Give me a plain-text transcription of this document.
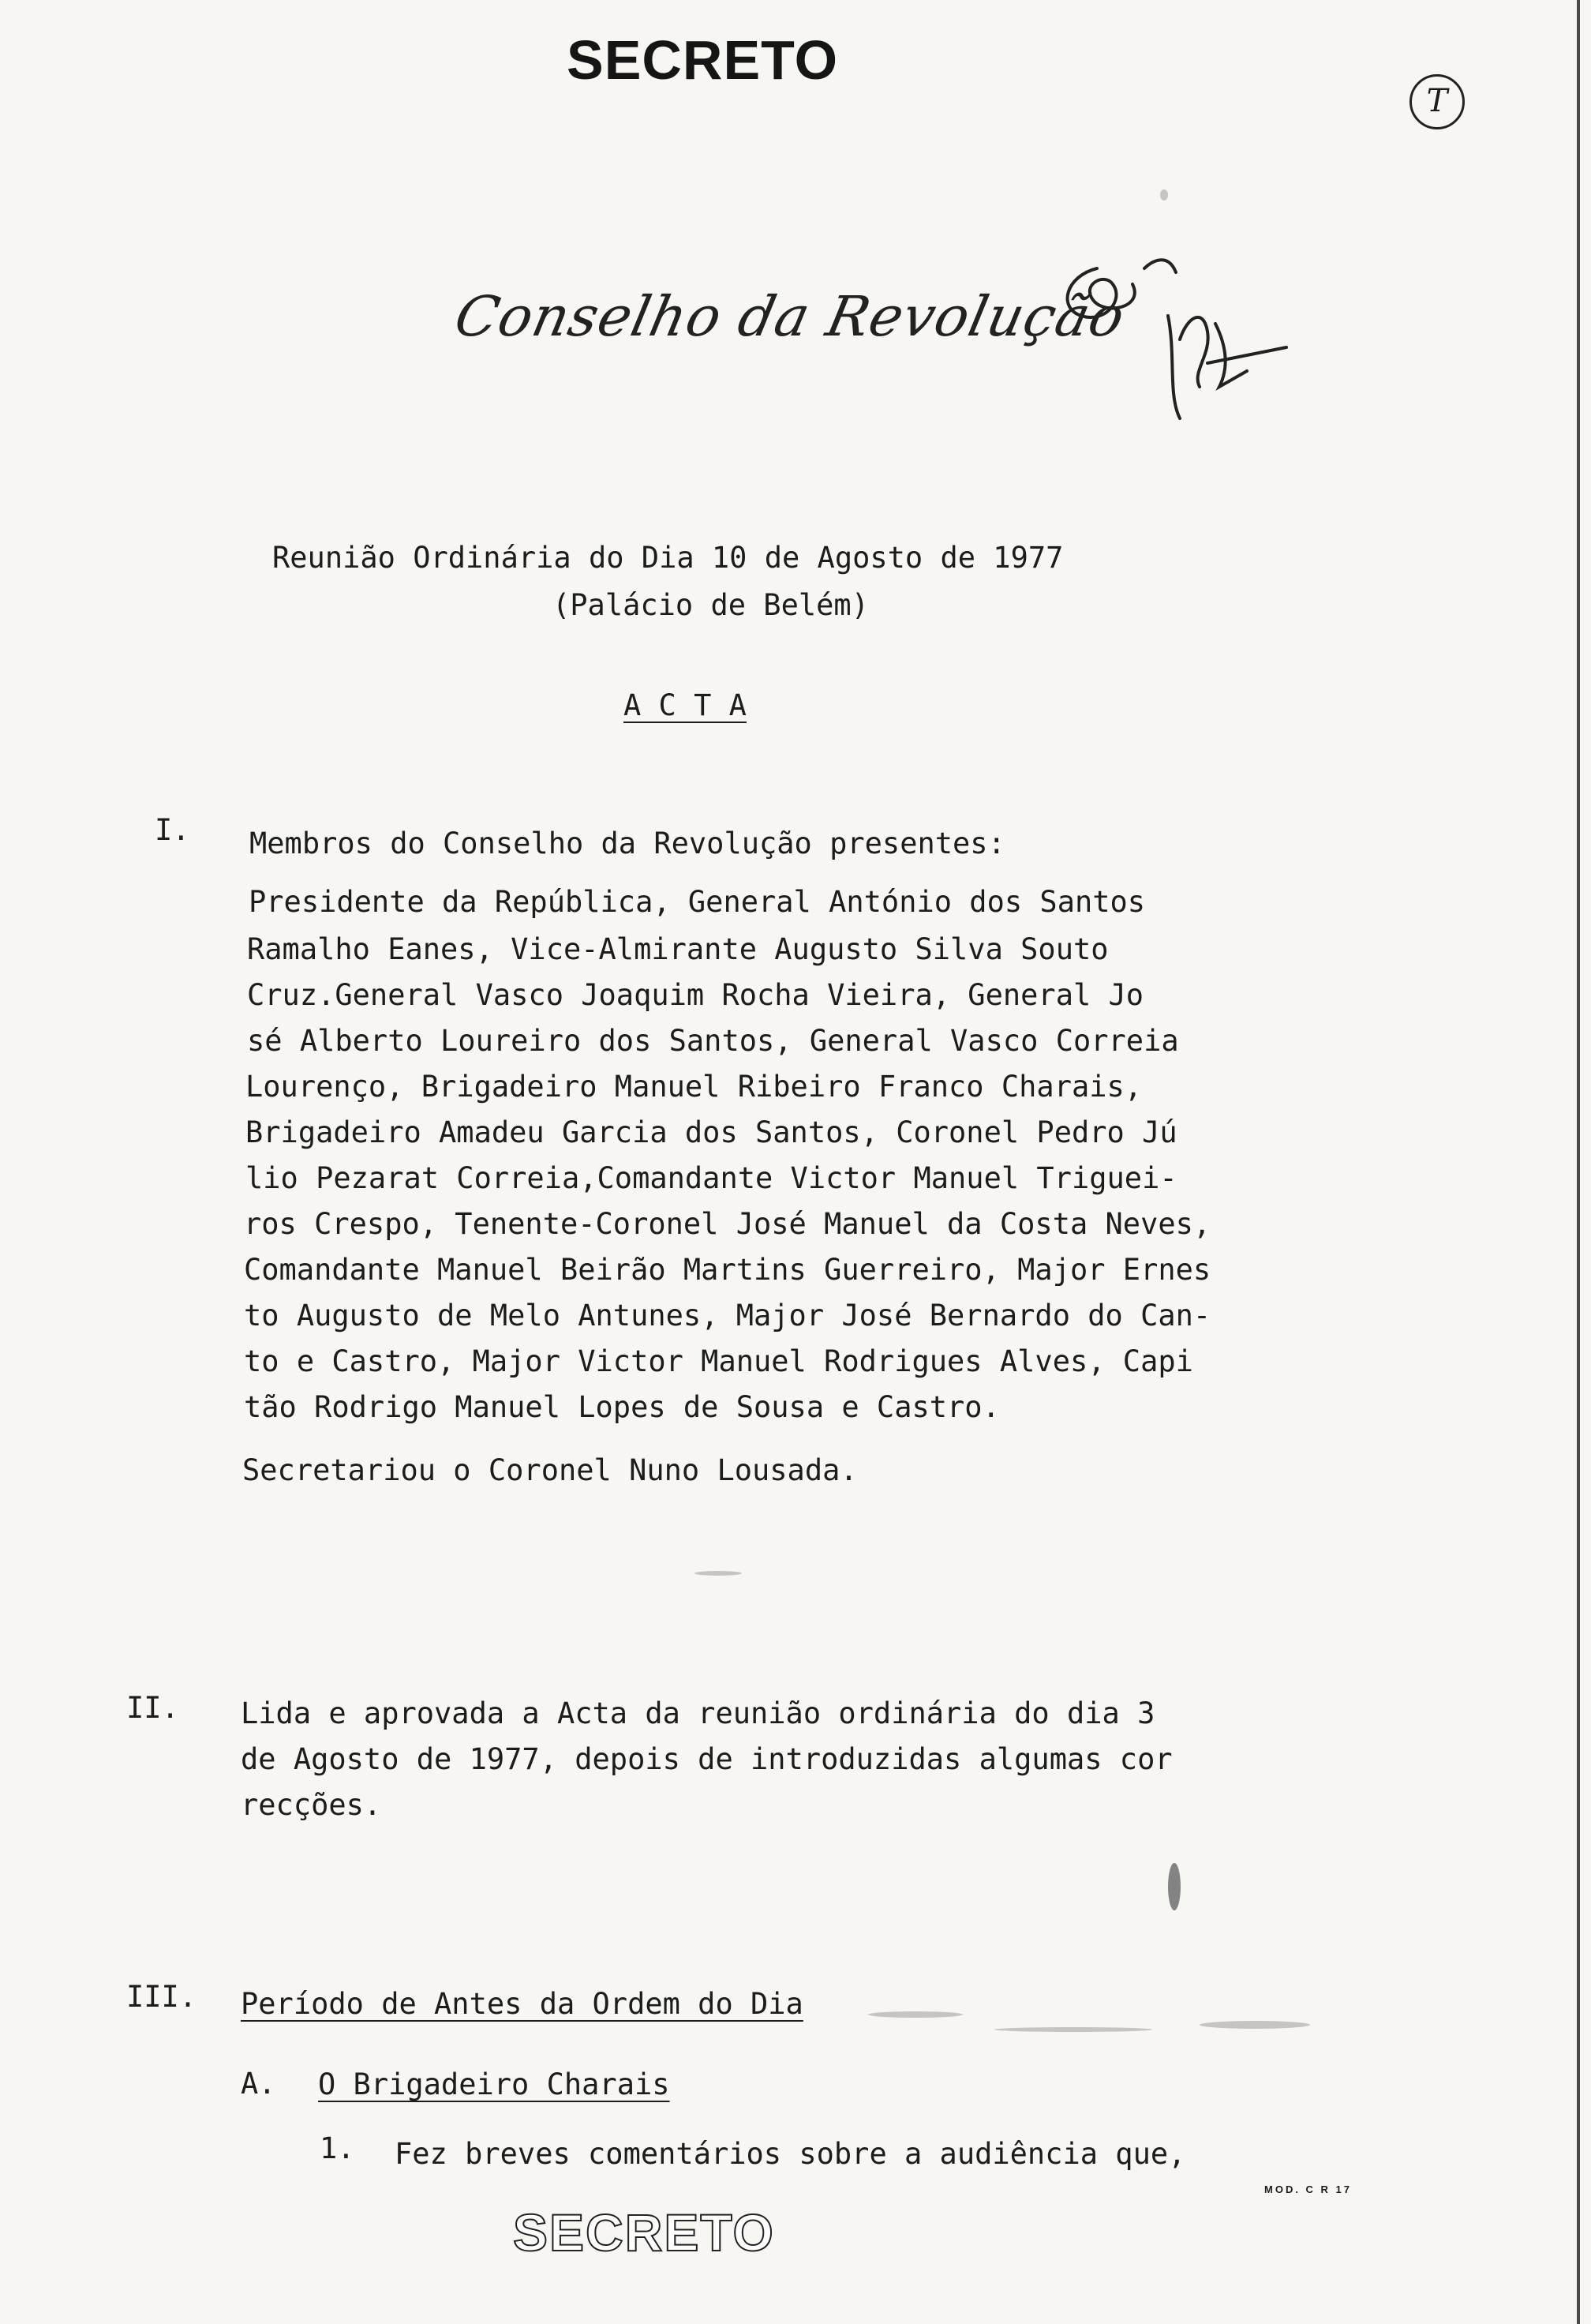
SECRETO
T
Conselho da Revolução
Reunião Ordinária do Dia 10 de Agosto de 1977
(Palácio de Belém)
A C T A
I. Membros do Conselho da Revolução presentes:
Presidente da República, General António dos Santos
Ramalho Eanes, Vice-Almirante Augusto Silva Souto
Cruz.General Vasco Joaquim Rocha Vieira, General Jo
sé Alberto Loureiro dos Santos, General Vasco Correia
Lourenço, Brigadeiro Manuel Ribeiro Franco Charais,
Brigadeiro Amadeu Garcia dos Santos, Coronel Pedro Jú
lio Pezarat Correia,Comandante Victor Manuel Triguei-
ros Crespo, Tenente-Coronel José Manuel da Costa Neves,
Comandante Manuel Beirão Martins Guerreiro, Major Ernes
to Augusto de Melo Antunes, Major José Bernardo do Can-
to e Castro, Major Victor Manuel Rodrigues Alves, Capi
tão Rodrigo Manuel Lopes de Sousa e Castro.
Secretariou o Coronel Nuno Lousada.
II. Lida e aprovada a Acta da reunião ordinária do dia 3
de Agosto de 1977, depois de introduzidas algumas cor
recções.
III. Período de Antes da Ordem do Dia
A. O Brigadeiro Charais
1. Fez breves comentários sobre a audiência que,
MOD. C R 17
SECRETO
